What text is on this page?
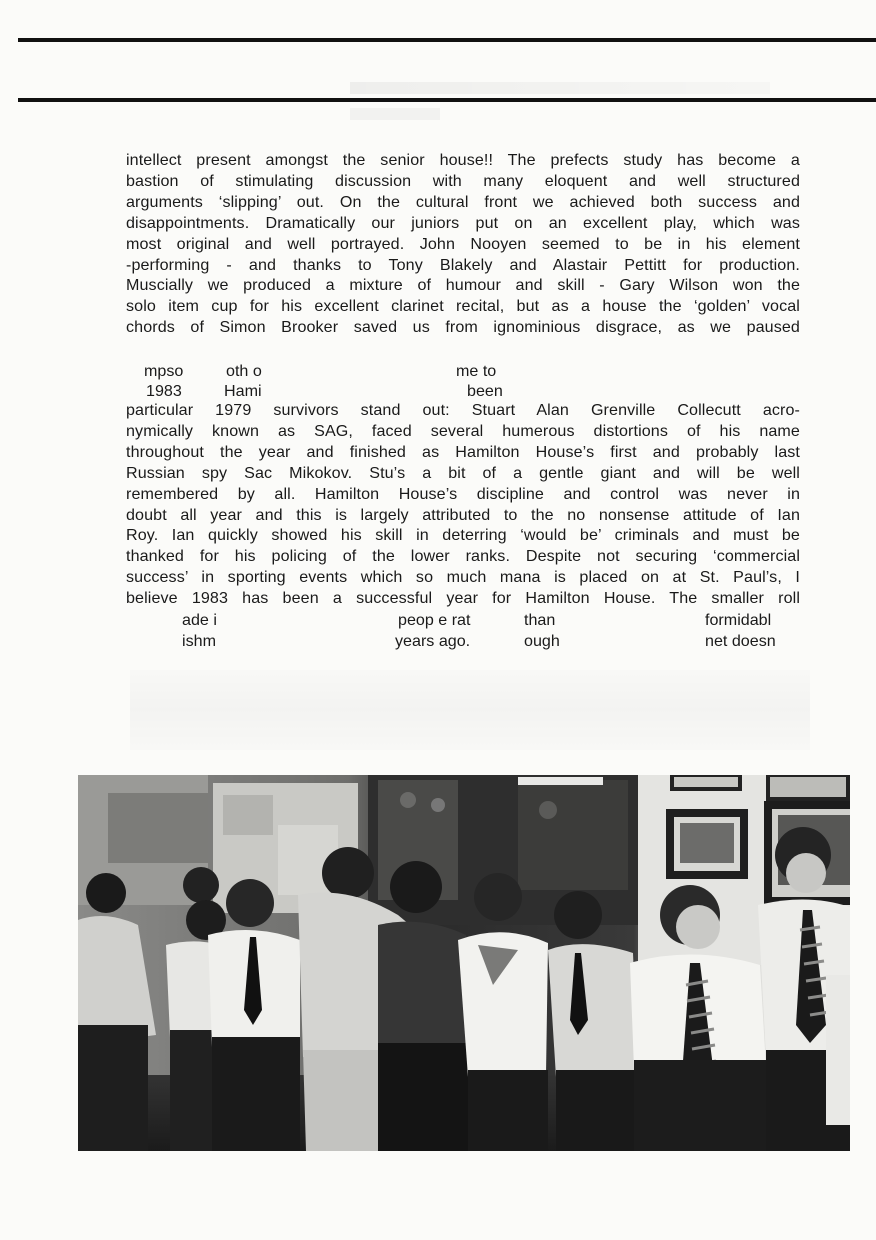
intellect present amongst the senior house!! The prefects study has become a
bastion of stimulating discussion with many eloquent and well structured
arguments ‘slipping’ out. On the cultural front we achieved both success and
disappointments. Dramatically our juniors put on an excellent play, which was
most original and well portrayed. John Nooyen seemed to be in his element
-performing - and thanks to Tony Blakely and Alastair Pettitt for production.
Muscially we produced a mixture of humour and skill - Gary Wilson won the
solo item cup for his excellent clarinet recital, but as a house the ‘golden’ vocal
chords of Simon Brooker saved us from ignominious disgrace, as we paused
mpso	oth o	me to
1983	Hami	been
particular 1979 survivors stand out: Stuart Alan Grenville Collecutt acro-
nymically known as SAG, faced several humerous distortions of his name
throughout the year and finished as Hamilton House’s first and probably last
Russian spy Sac Mikokov. Stu’s a bit of a gentle giant and will be well
remembered by all. Hamilton House’s discipline and control was never in
doubt all year and this is largely attributed to the no nonsense attitude of Ian
Roy. Ian quickly showed his skill in deterring ‘would be’ criminals and must be
thanked for his policing of the lower ranks. Despite not securing ‘commercial
success’ in sporting events which so much mana is placed on at St. Paul’s, I
believe 1983 has been a successful year for Hamilton House. The smaller roll
ade i	peop e rat	than	formidabl
ishm	years ago.	ough	net doesn
